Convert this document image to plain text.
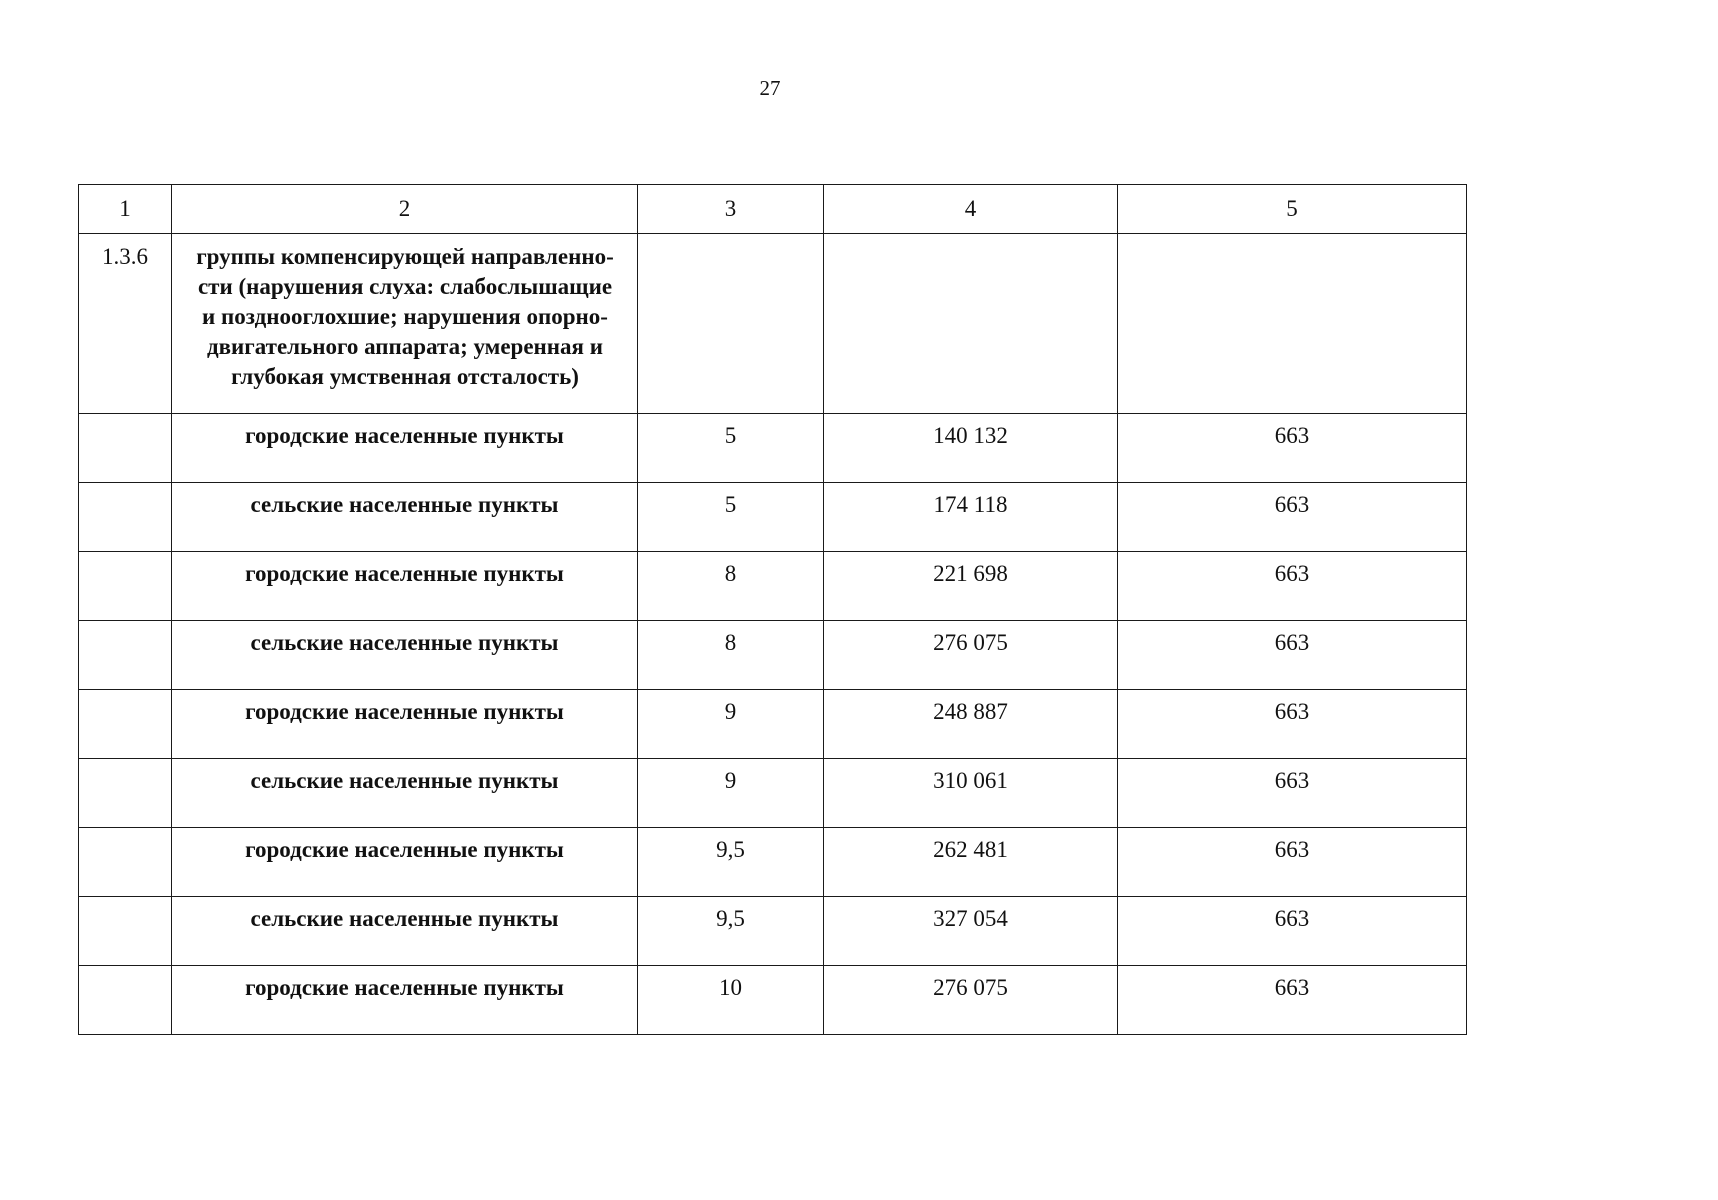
27
1	2	3	4	5
1.3.6	группы компенсирующей направленно-
сти (нарушения слуха: слабослышащие
и позднооглохшие; нарушения опорно-
двигательного аппарата; умеренная и
глубокая умственная отсталость)			

	городские населенные пункты	5	140 132	663
	сельские населенные пункты	5	174 118	663
	городские населенные пункты	8	221 698	663
	сельские населенные пункты	8	276 075	663
	городские населенные пункты	9	248 887	663
	сельские населенные пункты	9	310 061	663
	городские населенные пункты	9,5	262 481	663
	сельские населенные пункты	9,5	327 054	663
	городские населенные пункты	10	276 075	663
